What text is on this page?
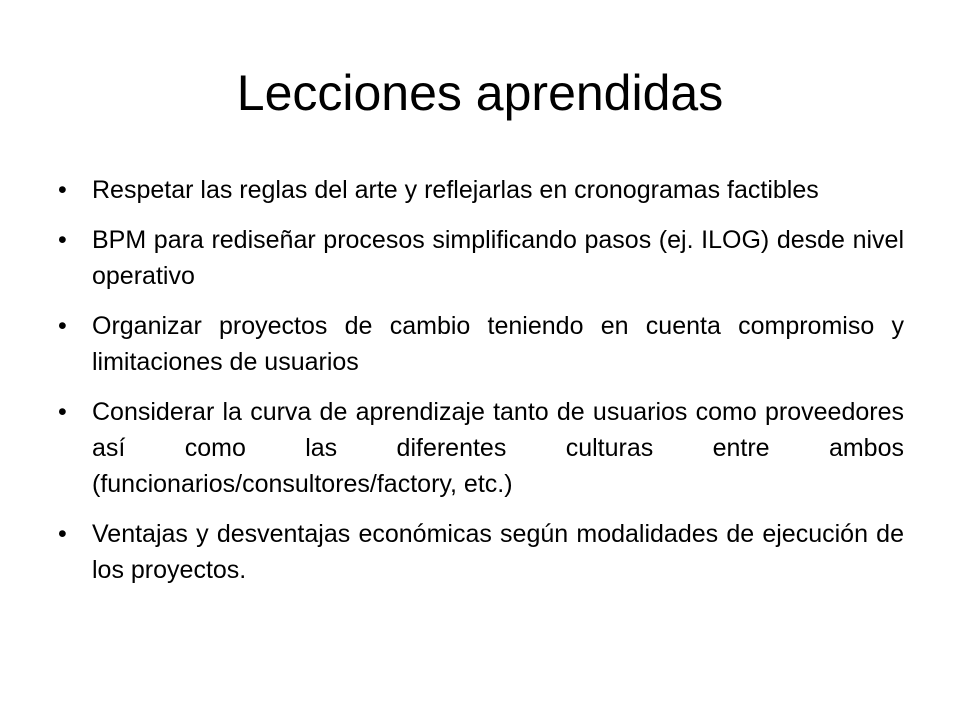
Lecciones aprendidas
•	Respetar las reglas del arte y reflejarlas en cronogramas factibles
•	BPM para rediseñar procesos simplificando pasos (ej. ILOG) desde nivel operativo
•	Organizar proyectos de cambio teniendo en cuenta compromiso y limitaciones de usuarios
•	Considerar la curva de aprendizaje tanto de usuarios como proveedores así como las diferentes culturas entre ambos (funcionarios/consultores/factory, etc.)
•	Ventajas y desventajas económicas según modalidades de ejecución de los proyectos.
